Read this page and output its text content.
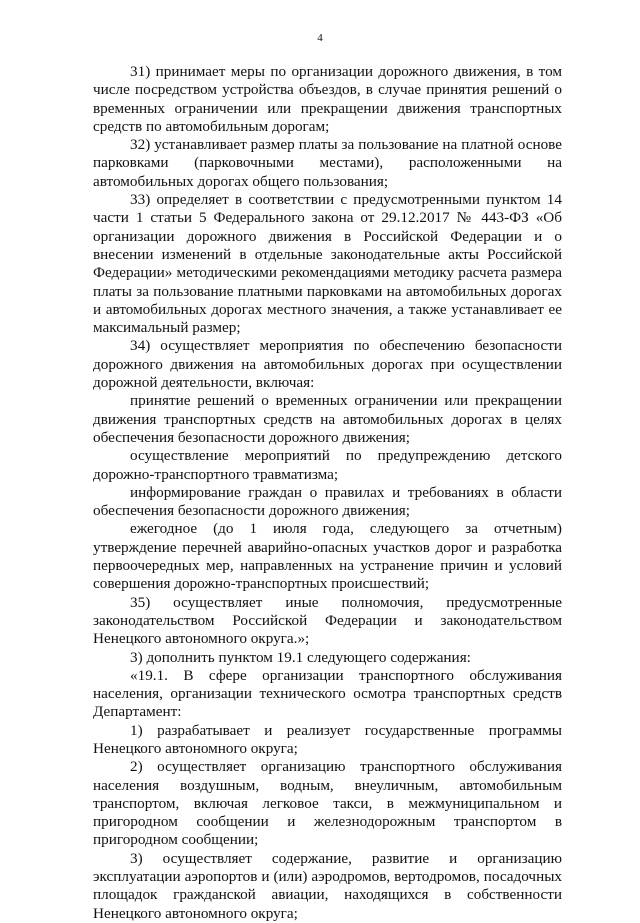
4

31) принимает меры по организации дорожного движения, в том числе посредством устройства объездов, в случае принятия решений о временных ограничении или прекращении движения транспортных средств по автомобильным дорогам;

32) устанавливает размер платы за пользование на платной основе парковками (парковочными местами), расположенными на автомобильных дорогах общего пользования;

33) определяет в соответствии с предусмотренными пунктом 14 части 1 статьи 5 Федерального закона от 29.12.2017 № 443-ФЗ «Об организации дорожного движения в Российской Федерации и о внесении изменений в отдельные законодательные акты Российской Федерации» методическими рекомендациями методику расчета размера платы за пользование платными парковками на автомобильных дорогах и автомобильных дорогах местного значения, а также устанавливает ее максимальный размер;

34) осуществляет мероприятия по обеспечению безопасности дорожного движения на автомобильных дорогах при осуществлении дорожной деятельности, включая:

принятие решений о временных ограничении или прекращении движения транспортных средств на автомобильных дорогах в целях обеспечения безопасности дорожного движения;

осуществление мероприятий по предупреждению детского дорожно-транспортного травматизма;

информирование граждан о правилах и требованиях в области обеспечения безопасности дорожного движения;

ежегодное (до 1 июля года, следующего за отчетным) утверждение перечней аварийно-опасных участков дорог и разработка первоочередных мер, направленных на устранение причин и условий совершения дорожно-транспортных происшествий;

35) осуществляет иные полномочия, предусмотренные законодательством Российской Федерации и законодательством Ненецкого автономного округа.»;

3) дополнить пунктом 19.1 следующего содержания:

«19.1. В сфере организации транспортного обслуживания населения, организации технического осмотра транспортных средств Департамент:

1) разрабатывает и реализует государственные программы Ненецкого автономного округа;

2) осуществляет организацию транспортного обслуживания населения воздушным, водным, внеуличным, автомобильным транспортом, включая легковое такси, в межмуниципальном и пригородном сообщении и железнодорожным транспортом в пригородном сообщении;

3) осуществляет содержание, развитие и организацию эксплуатации аэропортов и (или) аэродромов, вертодромов, посадочных площадок гражданской авиации, находящихся в собственности Ненецкого автономного округа;
